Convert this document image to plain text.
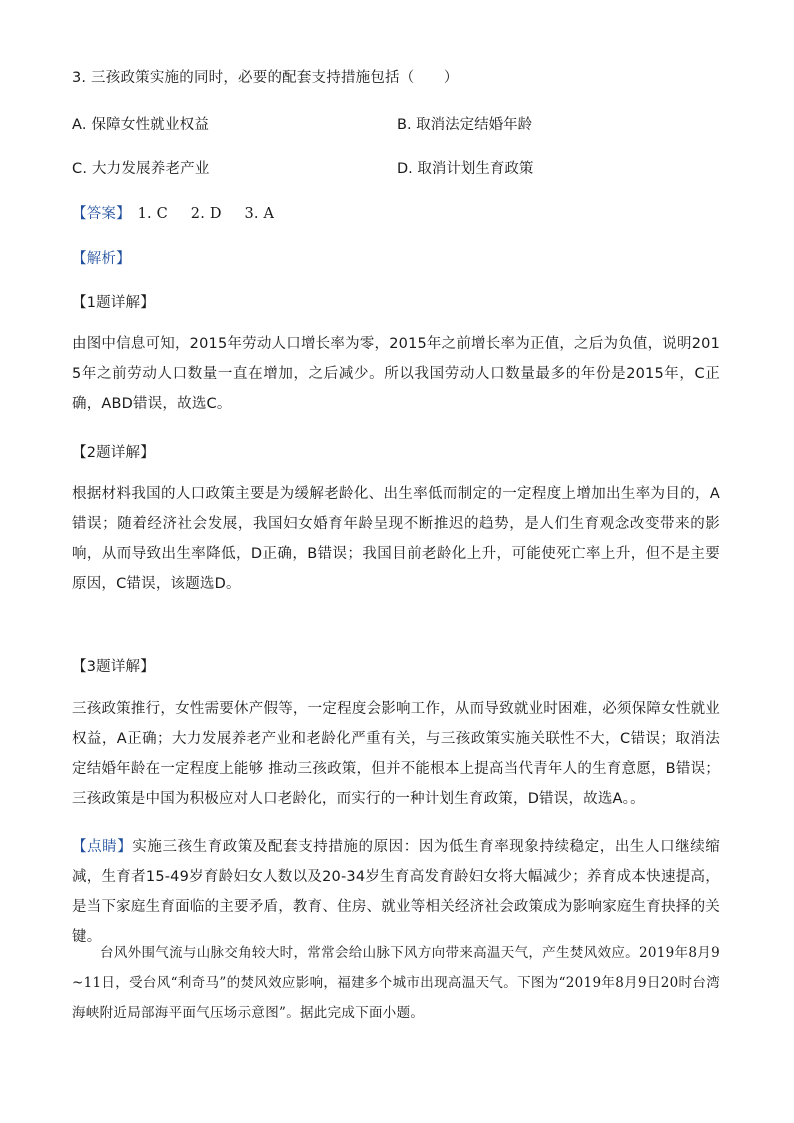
3. 三孩政策实施的同时，必要的配套支持措施包括（　　）
A. 保障女性就业权益	B. 取消法定结婚年龄
C. 大力发展养老产业	D. 取消计划生育政策
【答案】 1. C 2. D 3. A
【解析】
【1题详解】
由图中信息可知，2015年劳动人口增长率为零，2015年之前增长率为正值，之后为负值，说明2015年之前劳动人口数量一直在增加，之后减少。所以我国劳动人口数量最多的年份是2015年，C正确，ABD错误，故选C。
【2题详解】
根据材料我国的人口政策主要是为缓解老龄化、出生率低而制定的一定程度上增加出生率为目的，A错误；随着经济社会发展，我国妇女婚育年龄呈现不断推迟的趋势，是人们生育观念改变带来的影响，从而导致出生率降低，D正确，B错误；我国目前老龄化上升，可能使死亡率上升，但不是主要原因，C错误，该题选D。
【3题详解】
三孩政策推行，女性需要休产假等，一定程度会影响工作，从而导致就业时困难，必须保障女性就业权益，A正确；大力发展养老产业和老龄化严重有关，与三孩政策实施关联性不大，C错误；取消法定结婚年龄在一定程度上能够 推动三孩政策，但并不能根本上提高当代青年人的生育意愿，B错误；三孩政策是中国为积极应对人口老龄化，而实行的一种计划生育政策，D错误，故选A。。
【点睛】实施三孩生育政策及配套支持措施的原因：因为低生育率现象持续稳定，出生人口继续缩减，生育者15-49岁育龄妇女人数以及20-34岁生育高发育龄妇女将大幅减少；养育成本快速提高，是当下家庭生育面临的主要矛盾，教育、住房、就业等相关经济社会政策成为影响家庭生育抉择的关键。
台风外围气流与山脉交角较大时，常常会给山脉下风方向带来高温天气，产生焚风效应。2019年8月9~11日，受台风“利奇马”的焚风效应影响，福建多个城市出现高温天气。下图为“2019年8月9日20时台湾海峡附近局部海平面气压场示意图”。据此完成下面小题。
